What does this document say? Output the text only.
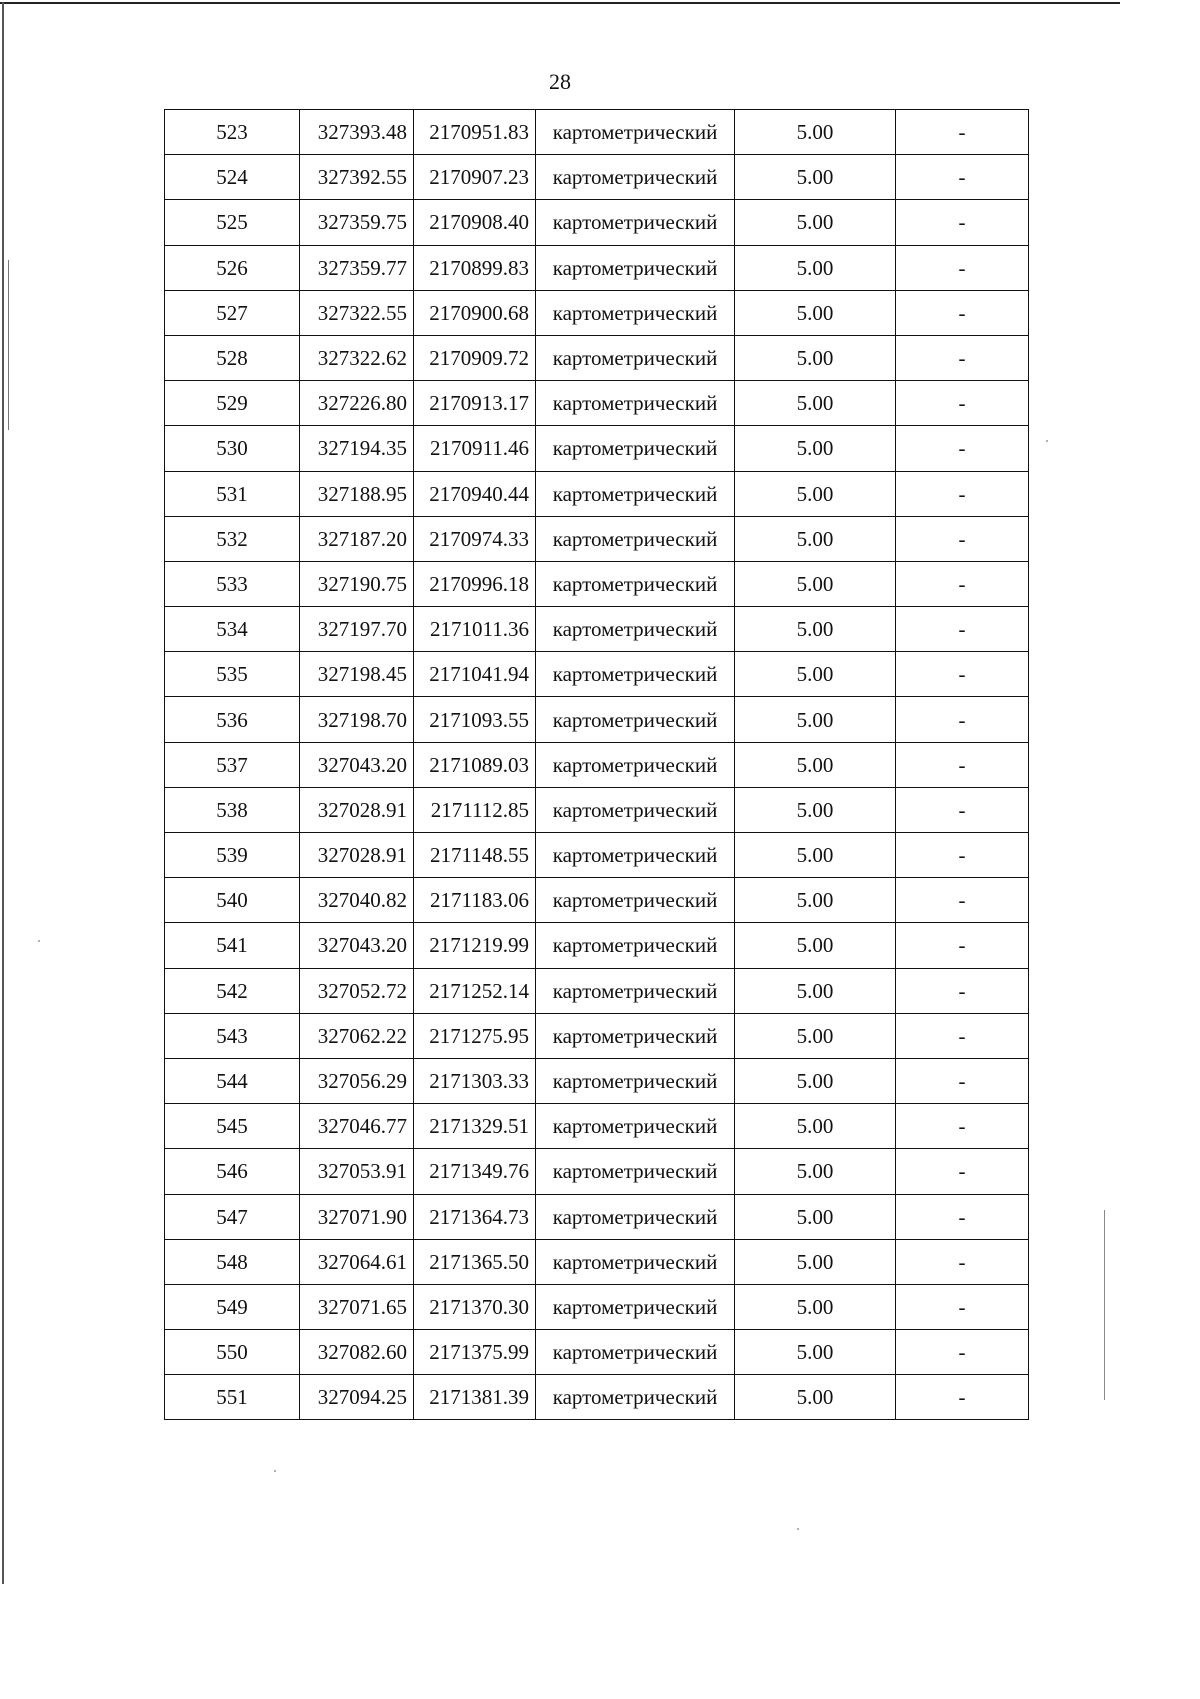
28
523	327393.48	2170951.83	картометрический	5.00	-
524	327392.55	2170907.23	картометрический	5.00	-
525	327359.75	2170908.40	картометрический	5.00	-
526	327359.77	2170899.83	картометрический	5.00	-
527	327322.55	2170900.68	картометрический	5.00	-
528	327322.62	2170909.72	картометрический	5.00	-
529	327226.80	2170913.17	картометрический	5.00	-
530	327194.35	2170911.46	картометрический	5.00	-
531	327188.95	2170940.44	картометрический	5.00	-
532	327187.20	2170974.33	картометрический	5.00	-
533	327190.75	2170996.18	картометрический	5.00	-
534	327197.70	2171011.36	картометрический	5.00	-
535	327198.45	2171041.94	картометрический	5.00	-
536	327198.70	2171093.55	картометрический	5.00	-
537	327043.20	2171089.03	картометрический	5.00	-
538	327028.91	2171112.85	картометрический	5.00	-
539	327028.91	2171148.55	картометрический	5.00	-
540	327040.82	2171183.06	картометрический	5.00	-
541	327043.20	2171219.99	картометрический	5.00	-
542	327052.72	2171252.14	картометрический	5.00	-
543	327062.22	2171275.95	картометрический	5.00	-
544	327056.29	2171303.33	картометрический	5.00	-
545	327046.77	2171329.51	картометрический	5.00	-
546	327053.91	2171349.76	картометрический	5.00	-
547	327071.90	2171364.73	картометрический	5.00	-
548	327064.61	2171365.50	картометрический	5.00	-
549	327071.65	2171370.30	картометрический	5.00	-
550	327082.60	2171375.99	картометрический	5.00	-
551	327094.25	2171381.39	картометрический	5.00	-
